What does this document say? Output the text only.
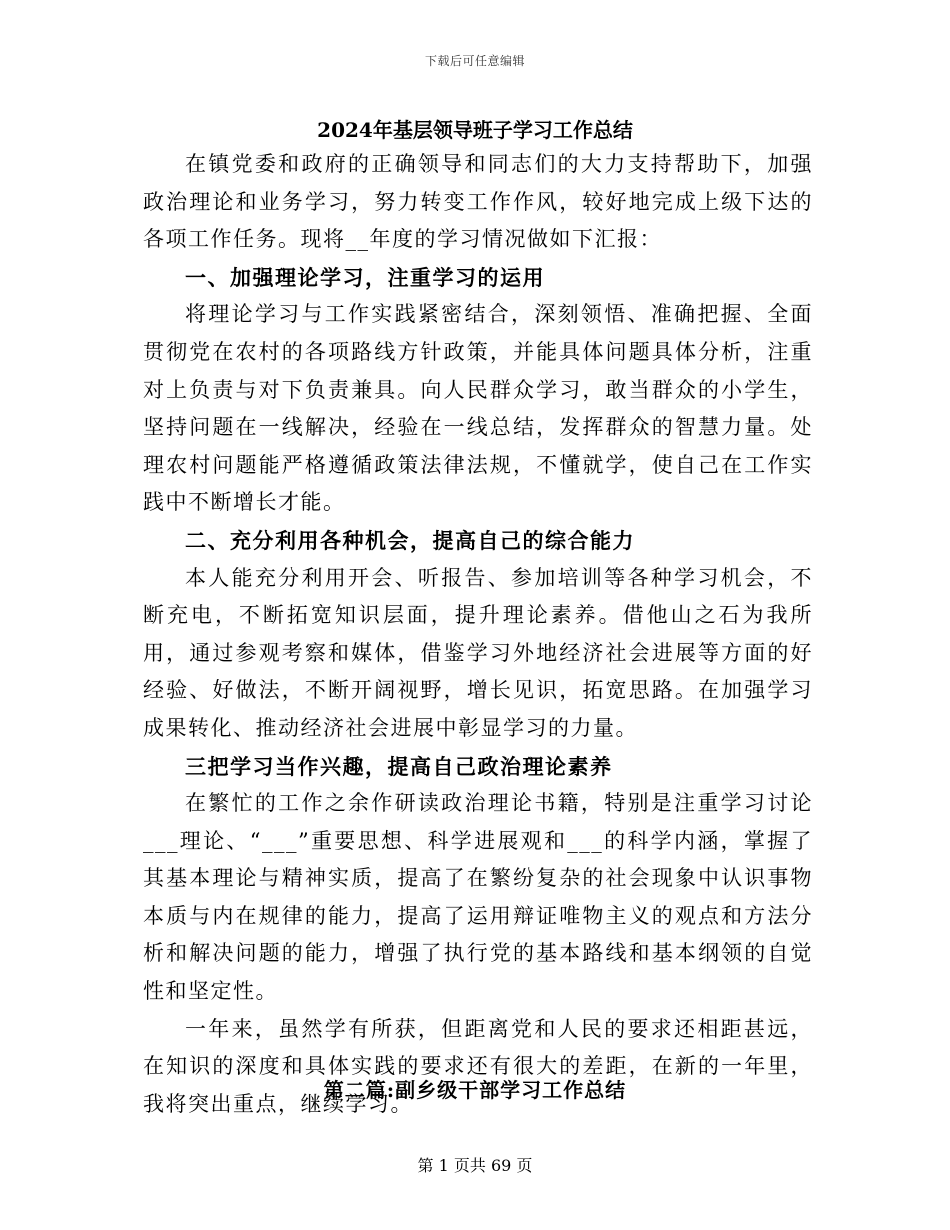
下载后可任意编辑
2024年基层领导班子学习工作总结

在镇党委和政府的正确领导和同志们的大力支持帮助下，加强政治理论和业务学习，努力转变工作作风，较好地完成上级下达的各项工作任务。现将__年度的学习情况做如下汇报：

一、加强理论学习，注重学习的运用

将理论学习与工作实践紧密结合，深刻领悟、准确把握、全面贯彻党在农村的各项路线方针政策，并能具体问题具体分析，注重对上负责与对下负责兼具。向人民群众学习，敢当群众的小学生，坚持问题在一线解决，经验在一线总结，发挥群众的智慧力量。处理农村问题能严格遵循政策法律法规，不懂就学，使自己在工作实践中不断增长才能。

二、充分利用各种机会，提高自己的综合能力

本人能充分利用开会、听报告、参加培训等各种学习机会，不断充电，不断拓宽知识层面，提升理论素养。借他山之石为我所用，通过参观考察和媒体，借鉴学习外地经济社会进展等方面的好经验、好做法，不断开阔视野，增长见识，拓宽思路。在加强学习成果转化、推动经济社会进展中彰显学习的力量。

三把学习当作兴趣，提高自己政治理论素养

在繁忙的工作之余作研读政治理论书籍，特别是注重学习讨论___理论、“___”重要思想、科学进展观和___的科学内涵，掌握了其基本理论与精神实质，提高了在繁纷复杂的社会现象中认识事物本质与内在规律的能力，提高了运用辩证唯物主义的观点和方法分析和解决问题的能力，增强了执行党的基本路线和基本纲领的自觉性和坚定性。

一年来，虽然学有所获，但距离党和人民的要求还相距甚远，在知识的深度和具体实践的要求还有很大的差距，在新的一年里，我将突出重点，继续学习。

第二篇:副乡级干部学习工作总结
第 1 页共 69 页
